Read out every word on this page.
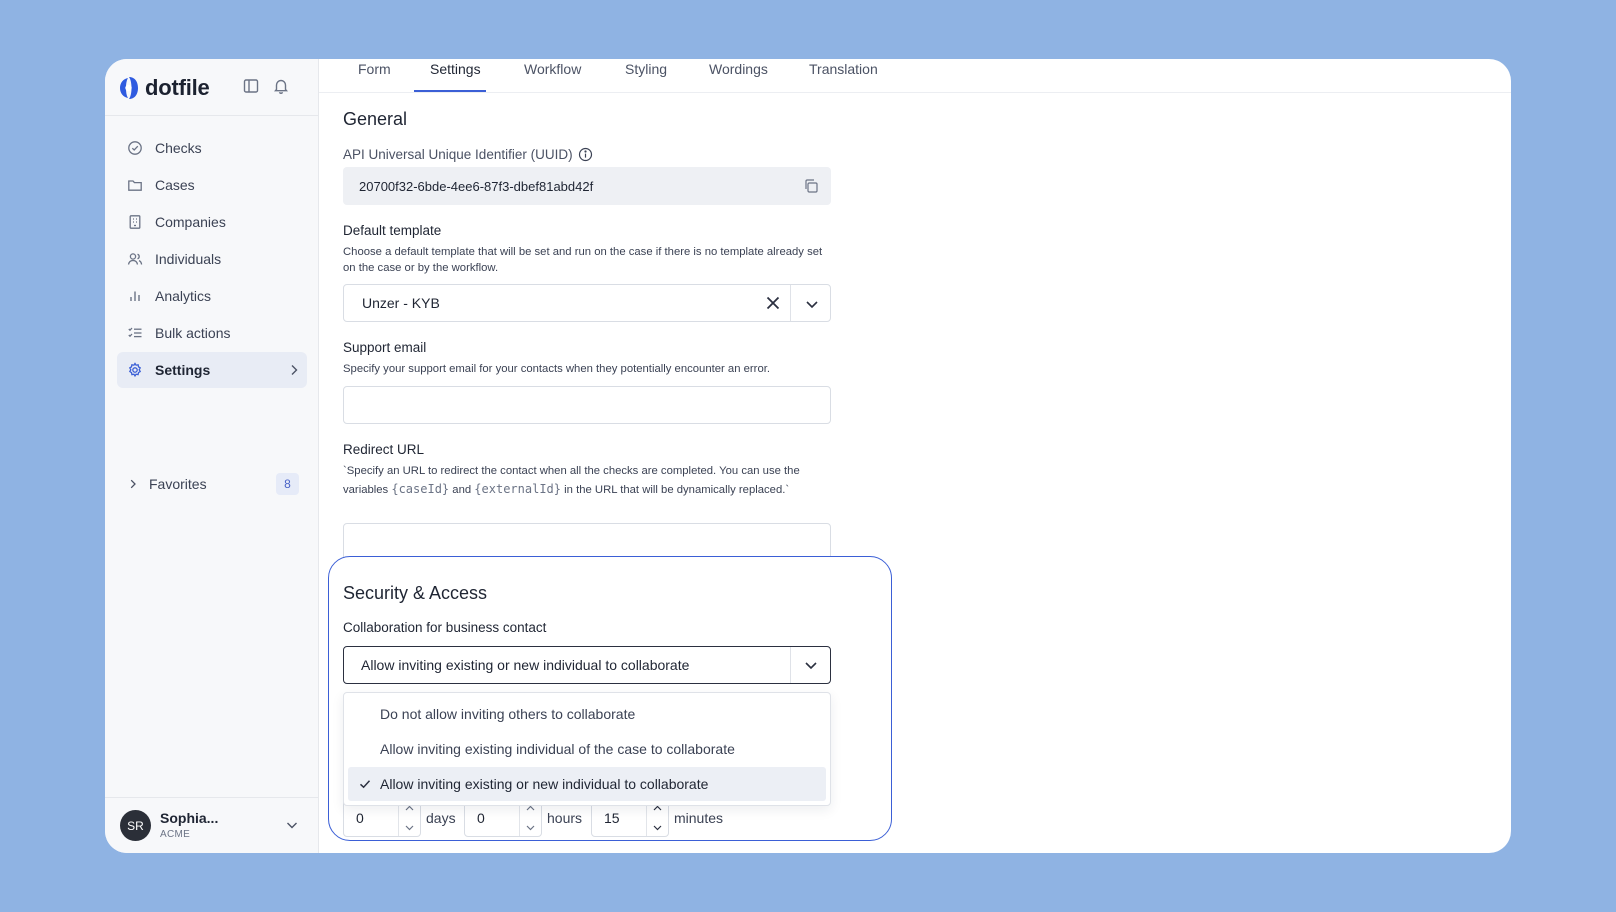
dotfile
Checks
Cases
Companies
Individuals
Analytics
Bulk actions
Settings
Favorites	8
SR	Sophia...
ACME
Form	Settings	Workflow	Styling	Wordings	Translation
General
API Universal Unique Identifier (UUID)
20700f32-6bde-4ee6-87f3-dbef81abd42f
Default template
Choose a default template that will be set and run on the case if there is no template already set on the case or by the workflow.
Unzer - KYB
Support email
Specify your support email for your contacts when they potentially encounter an error.
Redirect URL
`Specify an URL to redirect the contact when all the checks are completed. You can use the variables {caseId} and {externalId} in the URL that will be dynamically replaced.`
Security & Access
Collaboration for business contact
Allow inviting existing or new individual to collaborate
0	days 0	hours 15	minutes
Do not allow inviting others to collaborate
Allow inviting existing individual of the case to collaborate
Allow inviting existing or new individual to collaborate
